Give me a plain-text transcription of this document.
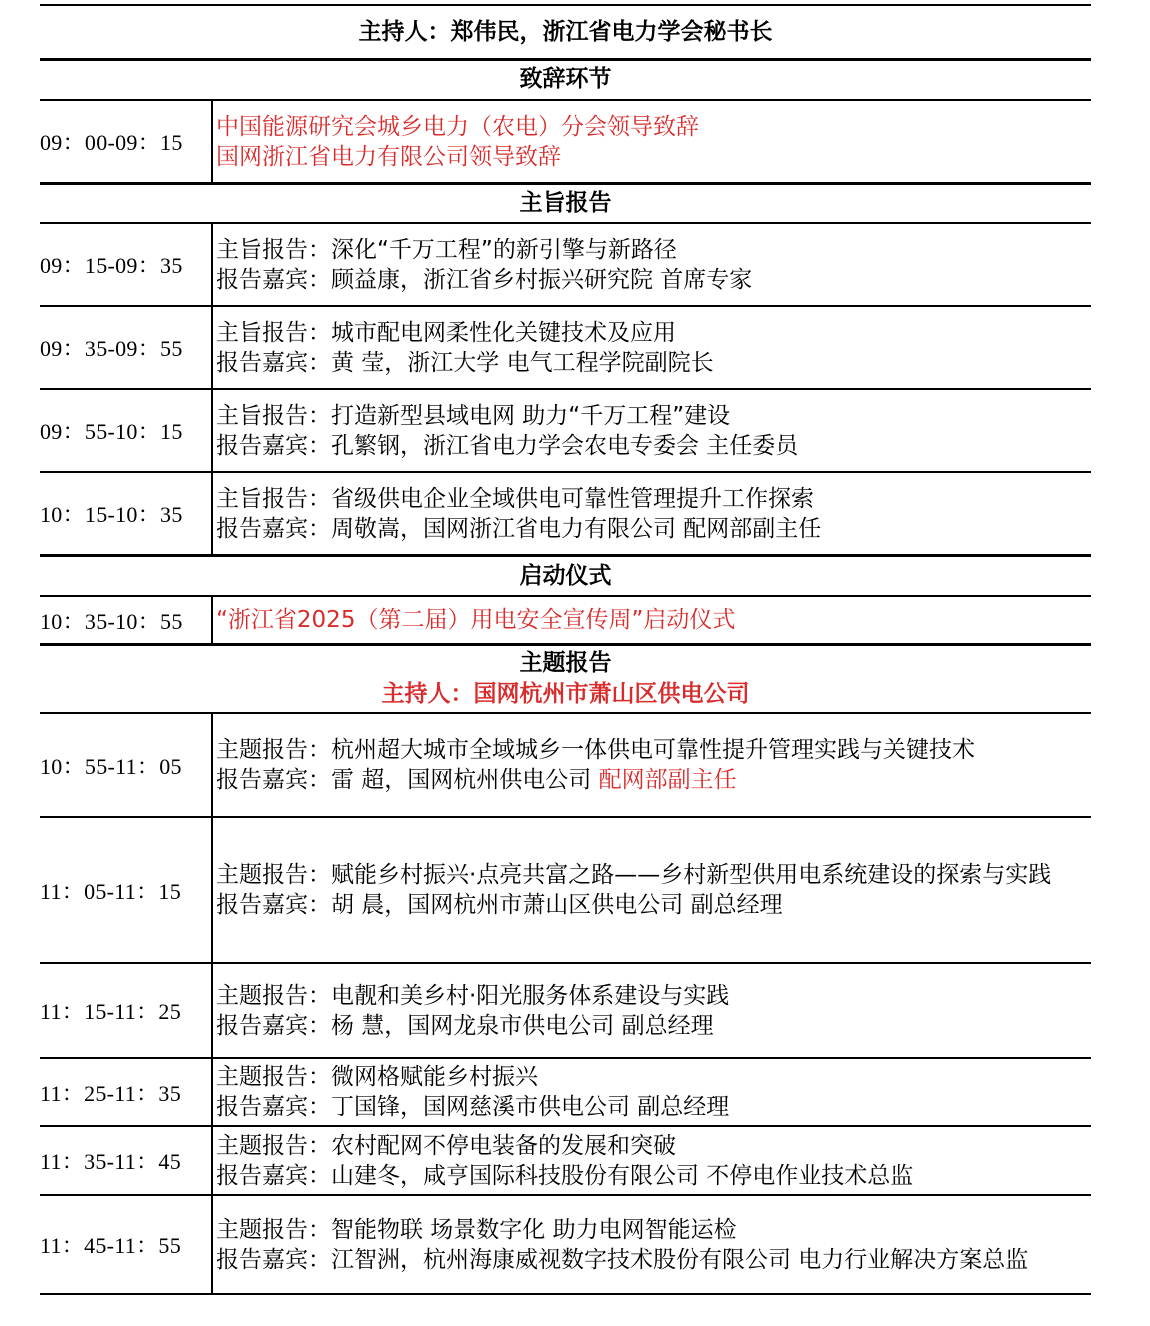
主持人：郑伟民，浙江省电力学会秘书长
致辞环节
09：00-09：15
中国能源研究会城乡电力（农电）分会领导致辞
国网浙江省电力有限公司领导致辞
主旨报告
09：15-09：35
主旨报告：深化“千万工程”的新引擎与新路径
报告嘉宾：顾益康，浙江省乡村振兴研究院 首席专家
09：35-09：55
主旨报告：城市配电网柔性化关键技术及应用
报告嘉宾：黄 莹，浙江大学 电气工程学院副院长
09：55-10：15
主旨报告：打造新型县域电网 助力“千万工程”建设
报告嘉宾：孔繁钢，浙江省电力学会农电专委会 主任委员
10：15-10：35
主旨报告：省级供电企业全域供电可靠性管理提升工作探索
报告嘉宾：周敬嵩，国网浙江省电力有限公司 配网部副主任
启动仪式
10：35-10：55	“浙江省2025（第二届）用电安全宣传周”启动仪式
主题报告
主持人：国网杭州市萧山区供电公司
10：55-11：05
主题报告：杭州超大城市全域城乡一体供电可靠性提升管理实践与关键技术
报告嘉宾：雷 超，国网杭州供电公司 配网部副主任
11：05-11：15
主题报告：赋能乡村振兴·点亮共富之路——乡村新型供用电系统建设的探索与实践
报告嘉宾：胡 晨，国网杭州市萧山区供电公司 副总经理
11：15-11：25
主题报告：电靓和美乡村·阳光服务体系建设与实践
报告嘉宾：杨 慧，国网龙泉市供电公司 副总经理
11：25-11：35
主题报告：微网格赋能乡村振兴
报告嘉宾：丁国锋，国网慈溪市供电公司 副总经理
11：35-11：45
主题报告：农村配网不停电装备的发展和突破
报告嘉宾：山建冬，咸亨国际科技股份有限公司 不停电作业技术总监
11：45-11：55
主题报告：智能物联 场景数字化 助力电网智能运检
报告嘉宾：江智洲，杭州海康威视数字技术股份有限公司 电力行业解决方案总监
